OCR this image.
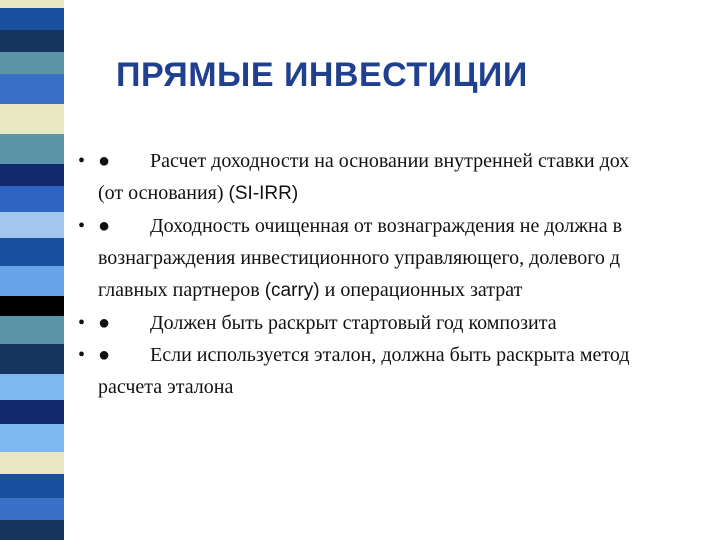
ПРЯМЫЕ ИНВЕСТИЦИИ
• ● Расчет доходности на основании внутренней ставки дох
(от основания) (SI-IRR)
• ● Доходность очищенная от вознаграждения не должна в
вознаграждения инвестиционного управляющего, долевого д
главных партнеров (carry) и операционных затрат
• ● Должен быть раскрыт стартовый год композита
• ● Если используется эталон, должна быть раскрыта метод
расчета эталона
